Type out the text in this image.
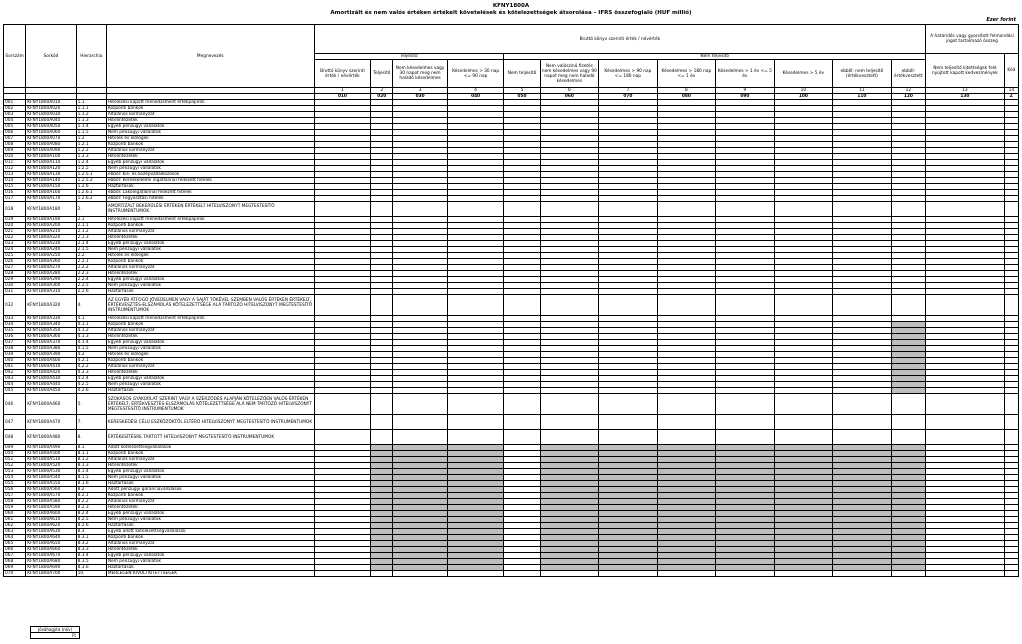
KFNY1800A
Amortizált és nem valós értéken értékelt követelések és kötelezettségek átsorolása – IFRS összefoglaló (HUF millió)
Ezer forint
Sorszám	Sorkód	Hierarchia	Megnevezés	Bruttó könyv szerinti érték / névérték												A határidős vagy gyorsított felmondási jogot tartalmazó összeg	
				Teljesítő				Nem teljesítő								Nem teljesítő kitettségek felé nyújtott kapott kedvezmények	Kód
				Bruttó könyv szerinti érték / névérték	Teljesítő	Nem késedelmes vagy 30 napot meg nem haladó késedelmes	Késedelmes > 30 nap <= 90 nap	Nem teljesítő	Nem valószínű fizetés nem késedelmes vagy 90 napot meg nem haladó késedelmes	Késedelmes > 90 nap <= 180 nap	Késedelmes > 180 nap <= 1 év	Késedelmes > 1 év <= 5 év	Késedelmes > 5 év	ebből: nem teljesítő (értékvesztett)	ebből: értékvesztett		
				1	2	3	4	5	6	7	8	9	10	11	12	13	14
				010	020	030	040	050	060	070	080	090	100	110	120	130	Z
001	KFNY1800A010	1.1	Hitelezési kapott menedzsment értékpapírok														
002	KFNY1800A020	1.1.1	Központi bankok														
003	KFNY1800A030	1.1.2	Általános kormányzat														
004	KFNY1800A040	1.1.3	Hitelintézetek														
005	KFNY1800A050	1.1.4	Egyéb pénzügyi vállalatok														
006	KFNY1800A060	1.1.5	Nem pénzügyi vállalatok														
007	KFNY1800A070	1.2	Hitelek és előlegek														
008	KFNY1800A080	1.2.1	Központi bankok														
009	KFNY1800A090	1.2.2	Általános kormányzat														
010	KFNY1800A100	1.2.3	Hitelintézetek														
011	KFNY1800A110	1.2.4	Egyéb pénzügyi vállalatok														
012	KFNY1800A120	1.2.5	Nem pénzügyi vállalatok														
013	KFNY1800A130	1.2.5.1	ebből: Kis- és középvállalkozások														
014	KFNY1800A140	1.2.5.2	ebből: Kereskedelmi ingatlannal fedezett hitelek														
015	KFNY1800A150	1.2.6	Háztartások														
016	KFNY1800A160	1.2.6.1	ebből: Lakóingatlannal fedezett hitelek														
017	KFNY1800A170	1.2.6.2	ebből: Fogyasztási hitelek														
018	KFNY1800A180	2.	AMORTIZÁLT BEKERÜLÉSI ÉRTÉKEN ÉRTÉKELT HITELVISZONYT MEGTESTESÍTŐ INSTRUMENTUMOK														
019	KFNY1800A190	2.1	Hitelezési kapott menedzsment értékpapírok														
020	KFNY1800A200	2.1.1	Központi bankok														
021	KFNY1800A210	2.1.2	Általános kormányzat														
022	KFNY1800A220	2.1.3	Hitelintézetek														
023	KFNY1800A230	2.1.4	Egyéb pénzügyi vállalatok														
024	KFNY1800A240	2.1.5	Nem pénzügyi vállalatok														
025	KFNY1800A250	2.2	Hitelek és előlegek														
026	KFNY1800A260	2.2.1	Központi bankok														
027	KFNY1800A270	2.2.2	Általános kormányzat														
028	KFNY1800A280	2.2.3	Hitelintézetek														
029	KFNY1800A290	2.2.4	Egyéb pénzügyi vállalatok														
030	KFNY1800A300	2.2.5	Nem pénzügyi vállalatok														
031	KFNY1800A310	2.2.6	Háztartások														
032	KFNY1800A320	4.	AZ EGYÉB ÁTFOGÓ JÖVEDELMEN VAGY A SAJÁT TŐKÉVEL SZEMBEN VALÓS ÉRTÉKEN ÉRTÉKELT, ÉRTÉKVESZTÉS-ELSZÁMOLÁS KÖTELEZETTSÉGE ALÁ TARTOZÓ HITELVISZONYT MEGTESTESÍTŐ INSTRUMENTUMOK														
033	KFNY1800A330	4.1	Hitelezési kapott menedzsment értékpapírok														
034	KFNY1800A340	4.1.1	Központi bankok														
035	KFNY1800A350	4.1.2	Általános kormányzat														
036	KFNY1800A360	4.1.3	Hitelintézetek														
037	KFNY1800A370	4.1.4	Egyéb pénzügyi vállalatok														
038	KFNY1800A380	4.1.5	Nem pénzügyi vállalatok														
039	KFNY1800A390	4.2	Hitelek és előlegek														
040	KFNY1800A400	4.2.1	Központi bankok														
041	KFNY1800A410	4.2.2	Általános kormányzat														
042	KFNY1800A420	4.2.3	Hitelintézetek														
043	KFNY1800A430	4.2.4	Egyéb pénzügyi vállalatok														
044	KFNY1800A440	4.2.5	Nem pénzügyi vállalatok														
045	KFNY1800A450	4.2.6	Háztartások														
046	KFNY1800A460	5.	SZOKÁSOS GYAKORLAT SZERINT VAGY A SZERZŐDÉS ALAPJÁN KÖTELEZŐEN VALÓS ÉRTÉKEN ÉRTÉKELT, ÉRTÉKVESZTÉS-ELSZÁMOLÁS KÖTELEZETTSÉGE ALÁ NEM TARTOZÓ HITELVISZONYT MEGTESTESÍTŐ INSTRUMENTUMOK														
047	KFNY1800A470	7.	KERESKEDÉSI CÉLÚ ESZKÖZÖKTŐL ELTÉRŐ HITELVISZONYT MEGTESTESÍTŐ INSTRUMENTUMOK														
048	KFNY1800A480	8.	ÉRTÉKESÍTÉSRE TARTOTT HITELVISZONYT MEGTESTESÍTŐ INSTRUMENTUMOK														
049	KFNY1800A490	8.1	Adott kötelezettségvállalások														
050	KFNY1800A500	8.1.1	Központi bankok														
051	KFNY1800A510	8.1.2	Általános kormányzat														
052	KFNY1800A520	8.1.3	Hitelintézetek														
053	KFNY1800A530	8.1.4	Egyéb pénzügyi vállalatok														
054	KFNY1800A540	8.1.5	Nem pénzügyi vállalatok														
055	KFNY1800A550	8.1.6	Háztartások														
056	KFNY1800A560	8.2	Adott pénzügyi garanciavállalások														
057	KFNY1800A570	8.2.1	Központi bankok														
058	KFNY1800A580	8.2.2	Általános kormányzat														
059	KFNY1800A590	8.2.3	Hitelintézetek														
060	KFNY1800A600	8.2.4	Egyéb pénzügyi vállalatok														
061	KFNY1800A610	8.2.5	Nem pénzügyi vállalatok														
062	KFNY1800A620	8.2.6	Háztartások														
063	KFNY1800A630	8.3	Egyéb adott kötelezettségvállalások														
064	KFNY1800A640	8.3.1	Központi bankok														
065	KFNY1800A650	8.3.2	Általános kormányzat														
066	KFNY1800A660	8.3.3	Hitelintézetek														
067	KFNY1800A670	8.3.4	Egyéb pénzügyi vállalatok														
068	KFNY1800A680	8.3.5	Nem pénzügyi vállalatok														
069	KFNY1800A690	8.3.6	Háztartások														
070	KFNY1800A700	10.	MÉRLEGEN KÍVÜLI KITETTSÉGEK														
Jóváhagyta (név)
Ft
